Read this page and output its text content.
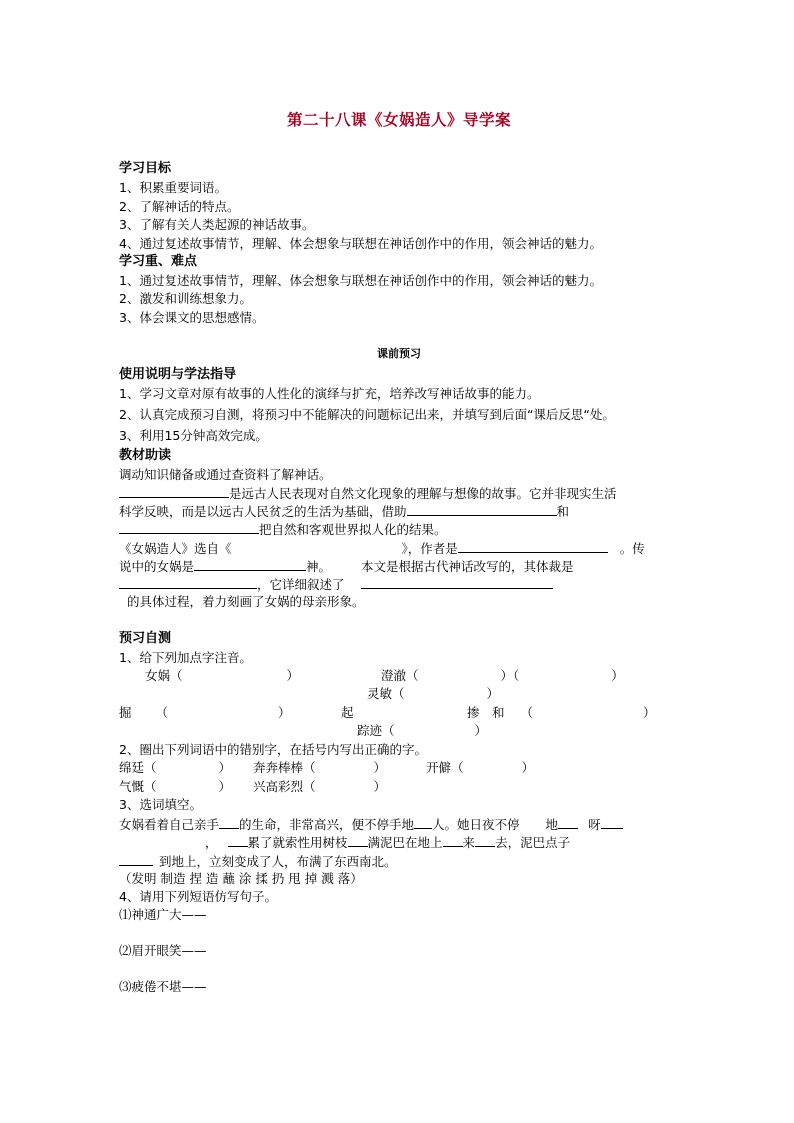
第二十八课《女娲造人》导学案
学习目标
1、积累重要词语。
2、了解神话的特点。
3、了解有关人类起源的神话故事。
4、通过复述故事情节，理解、体会想象与联想在神话创作中的作用，领会神话的魅力。
学习重、难点
1、通过复述故事情节，理解、体会想象与联想在神话创作中的作用，领会神话的魅力。
2、激发和训练想象力。
3、体会课文的思想感情。
课前预习
使用说明与学法指导
1、学习文章对原有故事的人性化的演绎与扩充，培养改写神话故事的能力。
2、认真完成预习自测，将预习中不能解决的问题标记出来，并填写到后面“课后反思“处。
3、利用15分钟高效完成。
教材助读
调动知识储备或通过查资料了解神话。
是远古人民表现对自然文化现象的理解与想像的故事。它并非现实生活
科学反映，而是以远古人民贫乏的生活为基础，借助	和
把自然和客观世界拟人化的结果。
《女娲造人》选自《	》，作者是	。传
说中的女娲是	神。 本文是根据古代神话改写的，其体裁是
，它详细叙述了
的具体过程，着力刻画了女娲的母亲形象。
预习自测
1、给下列加点字注音。
女娲（	）	澄澈（	）（	）
灵敏（	）
掘 （	）	起	掺　和 （	）
踪迹（	）
2、圈出下列词语中的错别字，在括号内写出正确的字。
绵廷（	） 奔奔棒棒（	）	开僻（	）
气慨（	） 兴高彩烈（	）
3、选词填空。
女娲看着自己亲手 的生命，非常高兴，便不停手地 人。她日夜不停 地 呀
， 累了就索性用树枝 满泥巴在地上 来 去，泥巴点子
到地上，立刻变成了人，布满了东西南北。
（发明 制造 捏 造 蘸 涂 揉 扔 甩 掉 溅 落）
4、请用下列短语仿写句子。
⑴神通广大——
⑵眉开眼笑——
⑶疲倦不堪——
